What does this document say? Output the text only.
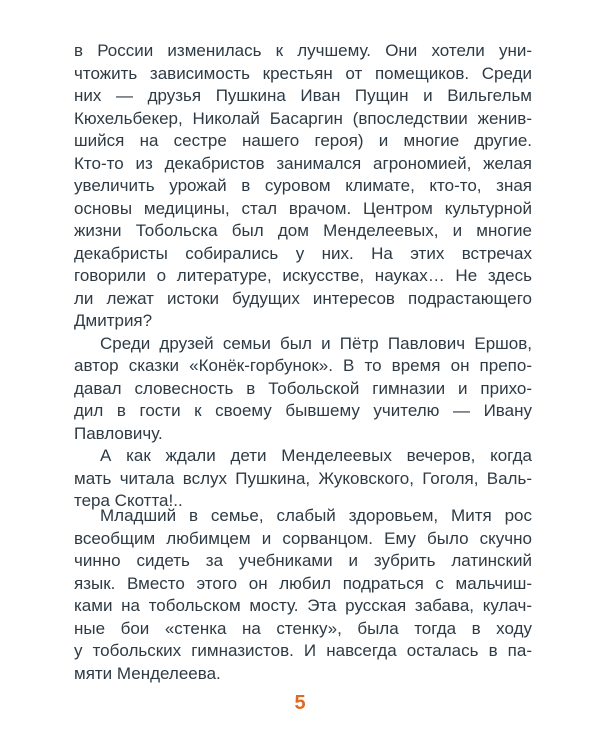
в России изменилась к лучшему. Они хотели уни-
чтожить зависимость крестьян от помещиков. Среди
них — друзья Пушкина Иван Пущин и Вильгельм
Кюхельбекер, Николай Басаргин (впоследствии женив-
шийся на сестре нашего героя) и многие другие.
Кто-то из декабристов занимался агрономией, желая
увеличить урожай в суровом климате, кто-то, зная
основы медицины, стал врачом. Центром культурной
жизни Тобольска был дом Менделеевых, и многие
декабристы собирались у них. На этих встречах
говорили о литературе, искусстве, науках… Не здесь
ли лежат истоки будущих интересов подрастающего
Дмитрия?
Среди друзей семьи был и Пётр Павлович Ершов,
автор сказки «Конёк-горбунок». В то время он препо-
давал словесность в Тобольской гимназии и прихо-
дил в гости к своему бывшему учителю — Ивану
Павловичу.
А как ждали дети Менделеевых вечеров, когда
мать читала вслух Пушкина, Жуковского, Гоголя, Валь-
тера Скотта!..
Младший в семье, слабый здоровьем, Митя рос
всеобщим любимцем и сорванцом. Ему было скучно
чинно сидеть за учебниками и зубрить латинский
язык. Вместо этого он любил подраться с мальчиш-
ками на тобольском мосту. Эта русская забава, кулач-
ные бои «стенка на стенку», была тогда в ходу
у тобольских гимназистов. И навсегда осталась в па-
мяти Менделеева.
5
